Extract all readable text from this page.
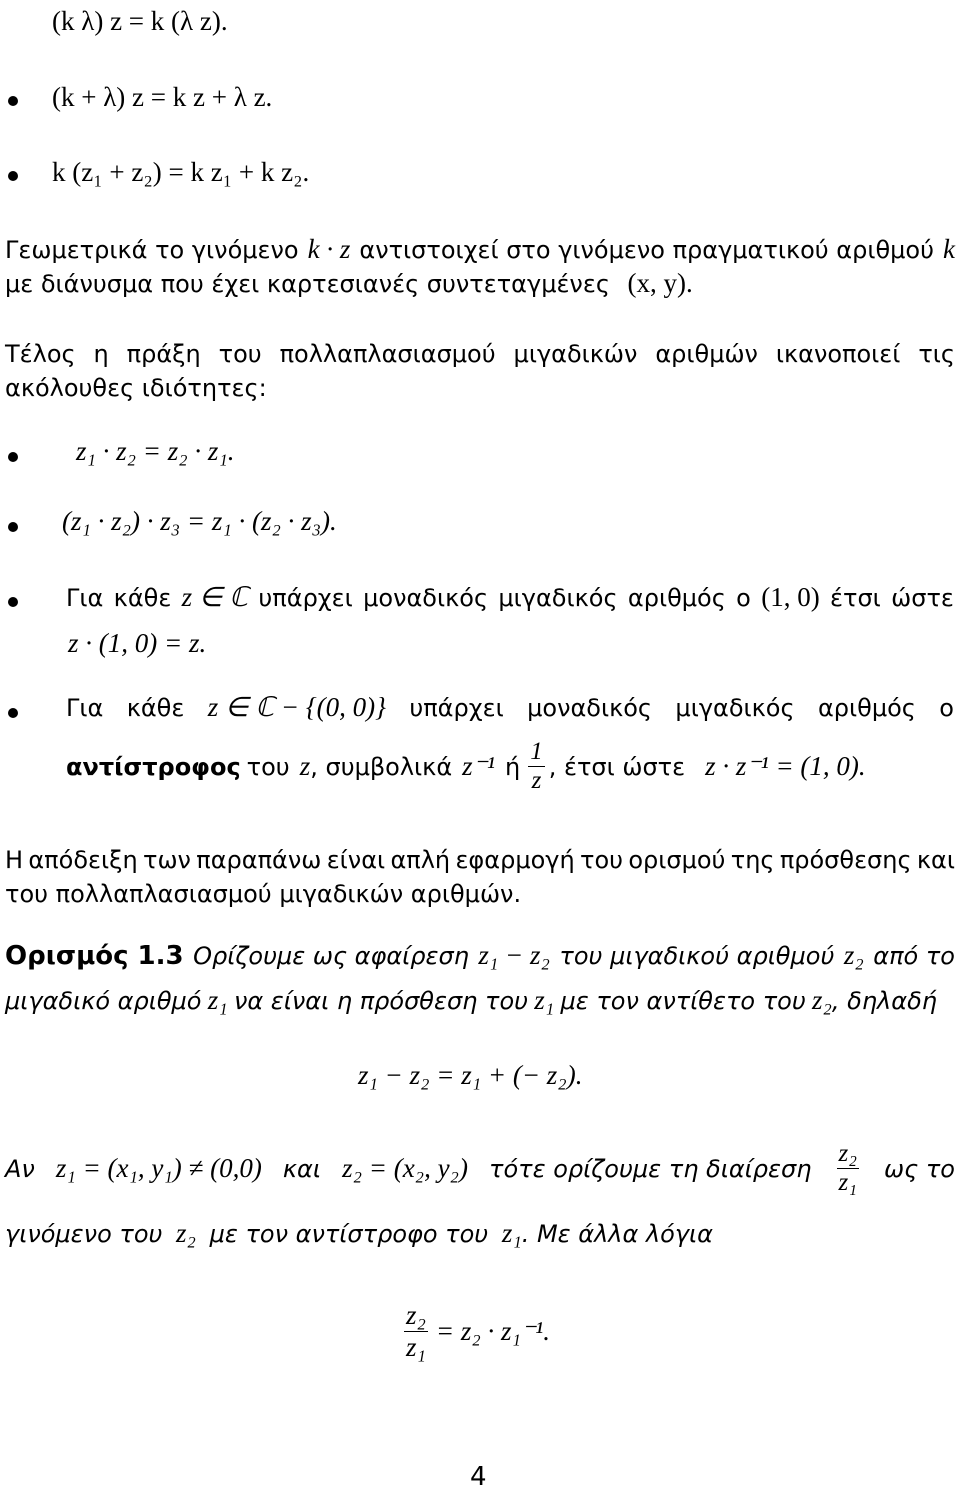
(k λ) z = k (λ z).
(k + λ) z = k z + λ z.
k (z₁ + z₂) = k z₁ + k z₂.
Γεωμετρικά το γινόμενο k · z αντιστοιχεί στο γινόμενο πραγματικού αριθμού k
με διάνυσμα που έχει καρτεσιανές συντεταγμένες (x, y).
Τέλος η πράξη του πολλαπλασιασμού μιγαδικών αριθμών ικανοποιεί τις
ακόλουθες ιδιότητες:
z₁ · z₂ = z₂ · z₁.
(z₁ · z₂) · z₃ = z₁ · (z₂ · z₃).
Για κάθε z ∈ ℂ υπάρχει μοναδικός μιγαδικός αριθμός ο (1, 0) έτσι ώστε
z · (1, 0) = z.
Για κάθε z ∈ ℂ − {(0, 0)} υπάρχει μοναδικός μιγαδικός αριθμός ο
αντίστροφος του z , συμβολικά z⁻¹ ή $\frac{1}{z}$ , έτσι ώστε z · z⁻¹ = (1, 0).
Η απόδειξη των παραπάνω είναι απλή εφαρμογή του ορισμού της πρόσθεσης και
του πολλαπλασιασμού μιγαδικών αριθμών.
Ορισμός 1.3 Ορίζουμε ως αφαίρεση z₁ − z₂ του μιγαδικού αριθμού z₂ από το
μιγαδικό αριθμό z₁ να είναι η πρόσθεση του z₁ με τον αντίθετο του z₂, δηλαδή
z₁ − z₂ = z₁ + (− z₂).
Αν z₁ = (x₁, y₁) ≠ (0,0) και z₂ = (x₂, y₂) τότε ορίζουμε τη διαίρεση $\frac{\text{z₂}}{\text{z₁}}$ ως το
γινόμενο του z₂ με τον αντίστροφο του z₁. Με άλλα λόγια
$\frac{\text{z₂}}{\text{z₁}} = z_2 \cdot z_1^{-1}$.
4
